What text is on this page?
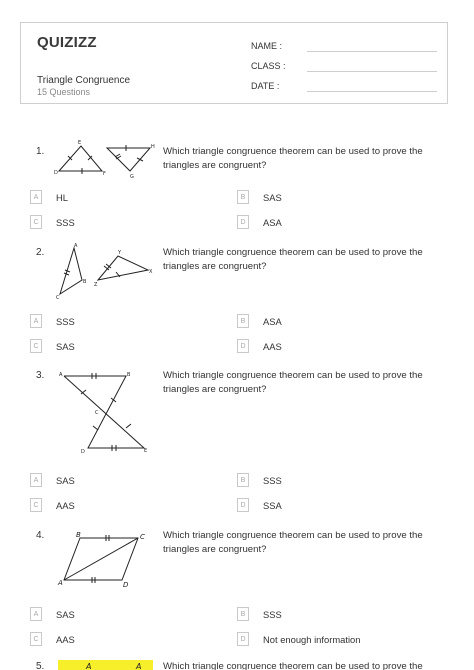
QUIZIZZ
Triangle Congruence
15 Questions
NAME :
CLASS :
DATE :
1.	Which triangle congruence theorem can be used to prove the triangles are congruent?
E
D	F
H
G
A	HL	B	SAS
C	SSS	D	ASA
2.	Which triangle congruence theorem can be used to prove the triangles are congruent?
A
B
C
Y
X
Z
A	SSS	B	ASA
C	SAS	D	AAS
3.	Which triangle congruence theorem can be used to prove the triangles are congruent?
A	B
C
D	E
A	SAS	B	SSS
C	AAS	D	SSA
4.	Which triangle congruence theorem can be used to prove the triangles are congruent?
B	C
A	D
A	SAS	B	SSS
C	AAS	D	Not enough information
5.	A	A Which triangle congruence theorem can be used to prove the
